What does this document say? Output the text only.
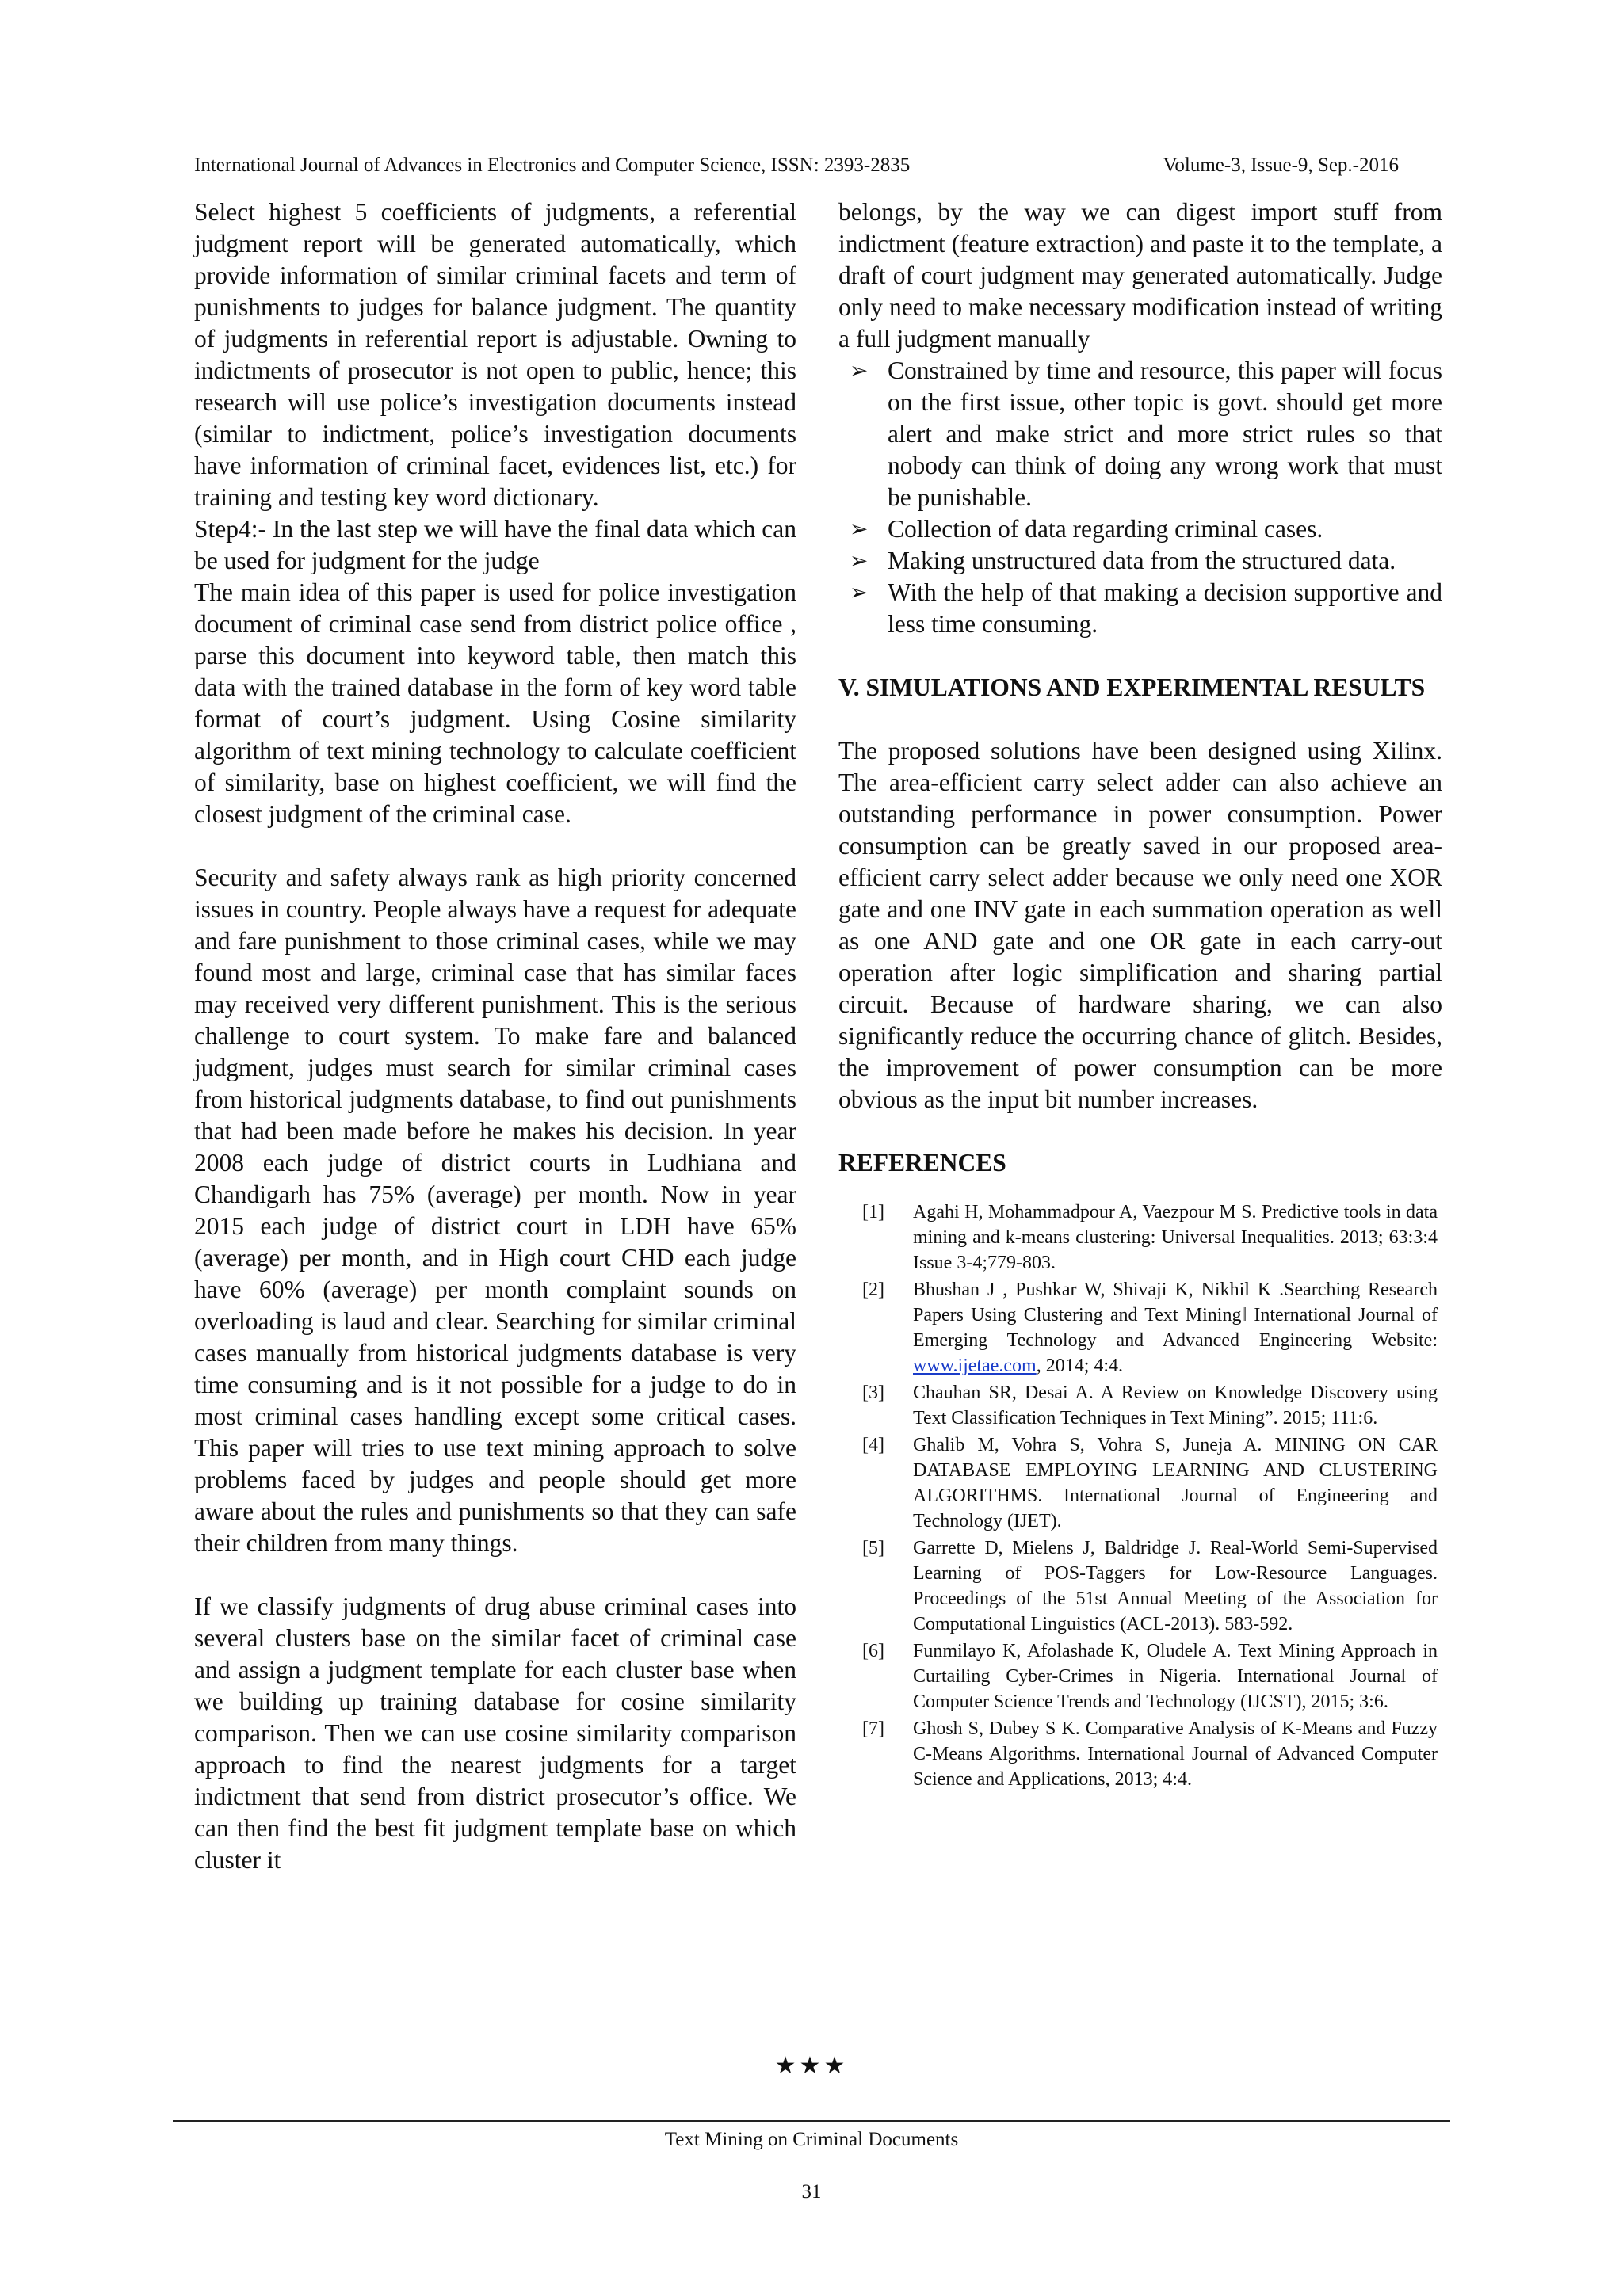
International Journal of Advances in Electronics and Computer Science, ISSN: 2393-2835	Volume-3, Issue-9, Sep.-2016

Select highest 5 coefficients of judgments, a referential judgment report will be generated automatically, which provide information of similar criminal facets and term of punishments to judges for balance judgment. The quantity of judgments in referential report is adjustable. Owning to indictments of prosecutor is not open to public, hence; this research will use police’s investigation documents instead (similar to indictment, police’s investigation documents have information of criminal facet, evidences list, etc.) for training and testing key word dictionary.

Step4:- In the last step we will have the final data which can be used for judgment for the judge

The main idea of this paper is used for police investigation document of criminal case send from district police office , parse this document into keyword table, then match this data with the trained database in the form of key word table format of court’s judgment. Using Cosine similarity algorithm of text mining technology to calculate coefficient of similarity, base on highest coefficient, we will find the closest judgment of the criminal case.

Security and safety always rank as high priority concerned issues in country. People always have a request for adequate and fare punishment to those criminal cases, while we may found most and large, criminal case that has similar faces may received very different punishment. This is the serious challenge to court system. To make fare and balanced judgment, judges must search for similar criminal cases from historical judgments database, to find out punishments that had been made before he makes his decision. In year 2008 each judge of district courts in Ludhiana and Chandigarh has 75% (average) per month. Now in year 2015 each judge of district court in LDH have 65% (average) per month, and in High court CHD each judge have 60% (average) per month complaint sounds on overloading is laud and clear. Searching for similar criminal cases manually from historical judgments database is very time consuming and is it not possible for a judge to do in most criminal cases handling except some critical cases. This paper will tries to use text mining approach to solve problems faced by judges and people should get more aware about the rules and punishments so that they can safe their children from many things.

If we classify judgments of drug abuse criminal cases into several clusters base on the similar facet of criminal case and assign a judgment template for each cluster base when we building up training database for cosine similarity comparison. Then we can use cosine similarity comparison approach to find the nearest judgments for a target indictment that send from district prosecutor’s office. We can then find the best fit judgment template base on which cluster it

belongs, by the way we can digest import stuff from indictment (feature extraction) and paste it to the template, a draft of court judgment may generated automatically. Judge only need to make necessary modification instead of writing a full judgment manually

➢ Constrained by time and resource, this paper will focus on the first issue, other topic is govt. should get more alert and make strict and more strict rules so that nobody can think of doing any wrong work that must be punishable.
➢ Collection of data regarding criminal cases.
➢ Making unstructured data from the structured data.
➢ With the help of that making a decision supportive and less time consuming.
V. SIMULATIONS AND EXPERIMENTAL RESULTS

The proposed solutions have been designed using Xilinx. The area-efficient carry select adder can also achieve an outstanding performance in power consumption. Power consumption can be greatly saved in our proposed area-efficient carry select adder because we only need one XOR gate and one INV gate in each summation operation as well as one AND gate and one OR gate in each carry-out operation after logic simplification and sharing partial circuit. Because of hardware sharing, we can also significantly reduce the occurring chance of glitch. Besides, the improvement of power consumption can be more obvious as the input bit number increases.

REFERENCES
[1] Agahi H, Mohammadpour A, Vaezpour M S. Predictive tools in data mining and k-means clustering: Universal Inequalities. 2013; 63:3:4 Issue 3-4;779-803.
[2] Bhushan J , Pushkar W, Shivaji K, Nikhil K .Searching Research Papers Using Clustering and Text Mining‖ International Journal of Emerging Technology and Advanced Engineering Website: www.ijetae.com, 2014; 4:4.
[3] Chauhan SR, Desai A. A Review on Knowledge Discovery using Text Classification Techniques in Text Mining”. 2015; 111:6.
[4] Ghalib M, Vohra S, Vohra S, Juneja A. MINING ON CAR DATABASE EMPLOYING LEARNING AND CLUSTERING ALGORITHMS. International Journal of Engineering and Technology (IJET).
[5] Garrette D, Mielens J, Baldridge J. Real-World Semi-Supervised Learning of POS-Taggers for Low-Resource Languages. Proceedings of the 51st Annual Meeting of the Association for Computational Linguistics (ACL-2013). 583-592.
[6] Funmilayo K, Afolashade K, Oludele A. Text Mining Approach in Curtailing Cyber-Crimes in Nigeria. International Journal of Computer Science Trends and Technology (IJCST), 2015; 3:6.
[7] Ghosh S, Dubey S K. Comparative Analysis of K-Means and Fuzzy C-Means Algorithms. International Journal of Advanced Computer Science and Applications, 2013; 4:4.
★★★
Text Mining on Criminal Documents
31
